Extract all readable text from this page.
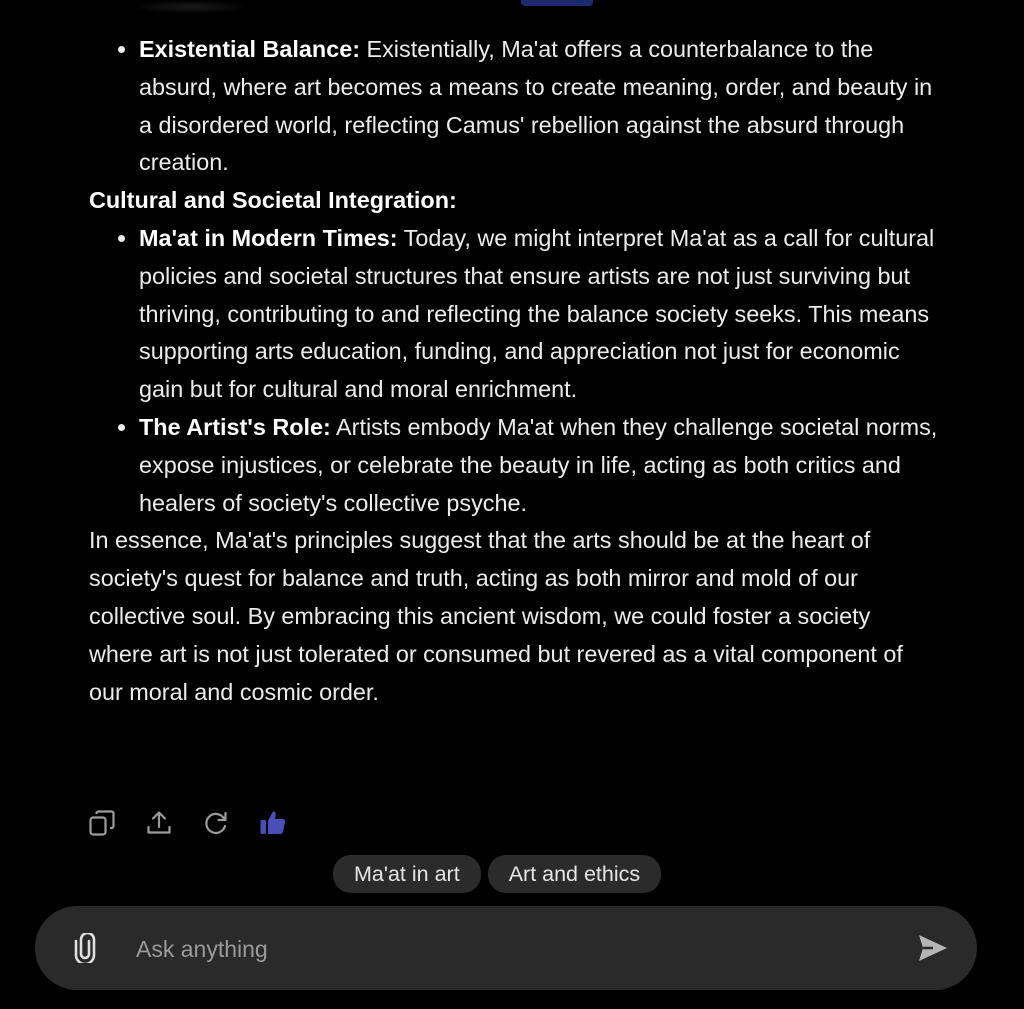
• Existential Balance: Existentially, Ma'at offers a counterbalance to the absurd, where art becomes a means to create meaning, order, and beauty in a disordered world, reflecting Camus' rebellion against the absurd through creation.

Cultural and Societal Integration:

• Ma'at in Modern Times: Today, we might interpret Ma'at as a call for cultural policies and societal structures that ensure artists are not just surviving but thriving, contributing to and reflecting the balance society seeks. This means supporting arts education, funding, and appreciation not just for economic gain but for cultural and moral enrichment.
• The Artist's Role: Artists embody Ma'at when they challenge societal norms, expose injustices, or celebrate the beauty in life, acting as both critics and healers of society's collective psyche.

In essence, Ma'at's principles suggest that the arts should be at the heart of society's quest for balance and truth, acting as both mirror and mold of our collective soul. By embracing this ancient wisdom, we could foster a society where art is not just tolerated or consumed but revered as a vital component of our moral and cosmic order.

Ma'at in art	Art and ethics
Ask anything
